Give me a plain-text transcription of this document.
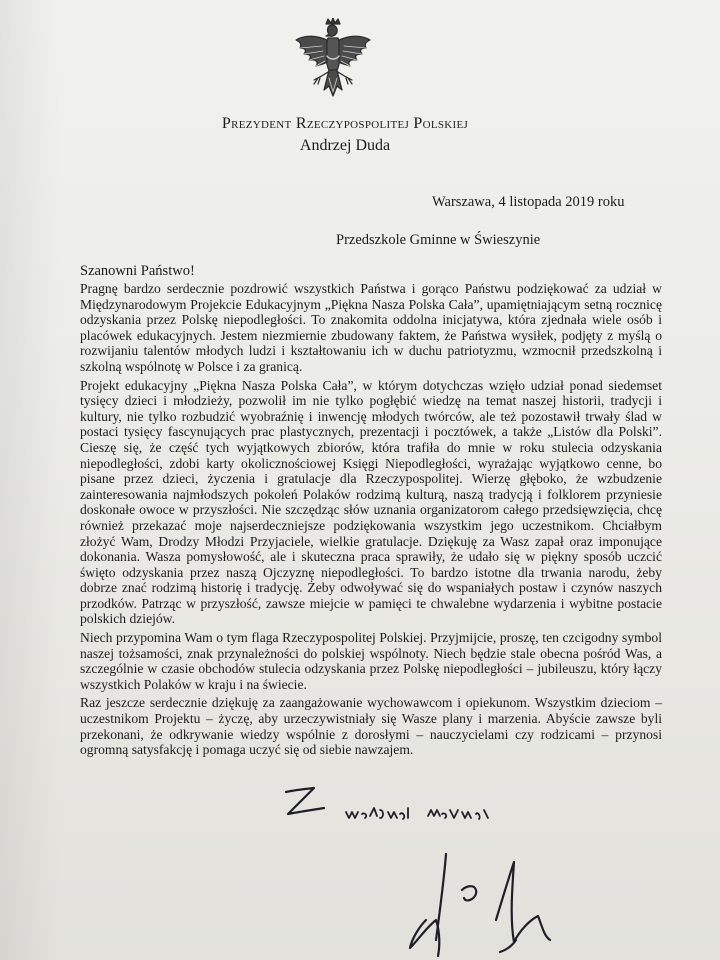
Prezydent Rzeczypospolitej Polskiej
Andrzej Duda
Warszawa, 4 listopada 2019 roku
Przedszkole Gminne w Świeszynie
Szanowni Państwo!

Pragnę bardzo serdecznie pozdrowić wszystkich Państwa i gorąco Państwu podziękować za udział w Międzynarodowym Projekcie Edukacyjnym „Piękna Nasza Polska Cała”, upamiętniającym setną rocznicę odzyskania przez Polskę niepodległości. To znakomita oddolna inicjatywa, która zjednała wiele osób i placówek edukacyjnych. Jestem niezmiernie zbudowany faktem, że Państwa wysiłek, podjęty z myślą o rozwijaniu talentów młodych ludzi i kształtowaniu ich w duchu patriotyzmu, wzmocnił przedszkolną i szkolną wspólnotę w Polsce i za granicą.

Projekt edukacyjny „Piękna Nasza Polska Cała”, w którym dotychczas wzięło udział ponad siedemset tysięcy dzieci i młodzieży, pozwolił im nie tylko pogłębić wiedzę na temat naszej historii, tradycji i kultury, nie tylko rozbudzić wyobraźnię i inwencję młodych twórców, ale też pozostawił trwały ślad w postaci tysięcy fascynujących prac plastycznych, prezentacji i pocztówek, a także „Listów dla Polski”. Cieszę się, że część tych wyjątkowych zbiorów, która trafiła do mnie w roku stulecia odzyskania niepodległości, zdobi karty okolicznościowej Księgi Niepodległości, wyrażając wyjątkowo cenne, bo pisane przez dzieci, życzenia i gratulacje dla Rzeczypospolitej. Wierzę głęboko, że wzbudzenie zainteresowania najmłodszych pokoleń Polaków rodzimą kulturą, naszą tradycją i folklorem przyniesie doskonałe owoce w przyszłości. Nie szczędząc słów uznania organizatorom całego przedsięwzięcia, chcę również przekazać moje najserdeczniejsze podziękowania wszystkim jego uczestnikom. Chciałbym złożyć Wam, Drodzy Młodzi Przyjaciele, wielkie gratulacje. Dziękuję za Wasz zapał oraz imponujące dokonania. Wasza pomysłowość, ale i skuteczna praca sprawiły, że udało się w piękny sposób uczcić święto odzyskania przez naszą Ojczyznę niepodległości. To bardzo istotne dla trwania narodu, żeby dobrze znać rodzimą historię i tradycję. Żeby odwoływać się do wspaniałych postaw i czynów naszych przodków. Patrząc w przyszłość, zawsze miejcie w pamięci te chwalebne wydarzenia i wybitne postacie polskich dziejów.

Niech przypomina Wam o tym flaga Rzeczypospolitej Polskiej. Przyjmijcie, proszę, ten czcigodny symbol naszej tożsamości, znak przynależności do polskiej wspólnoty. Niech będzie stale obecna pośród Was, a szczególnie w czasie obchodów stulecia odzyskania przez Polskę niepodległości – jubileuszu, który łączy wszystkich Polaków w kraju i na świecie.

Raz jeszcze serdecznie dziękuję za zaangażowanie wychowawcom i opiekunom. Wszystkim dzieciom – uczestnikom Projektu – życzę, aby urzeczywistniały się Wasze plany i marzenia. Abyście zawsze byli przekonani, że odkrywanie wiedzy wspólnie z dorosłymi – nauczycielami czy rodzicami – przynosi ogromną satysfakcję i pomaga uczyć się od siebie nawzajem.
